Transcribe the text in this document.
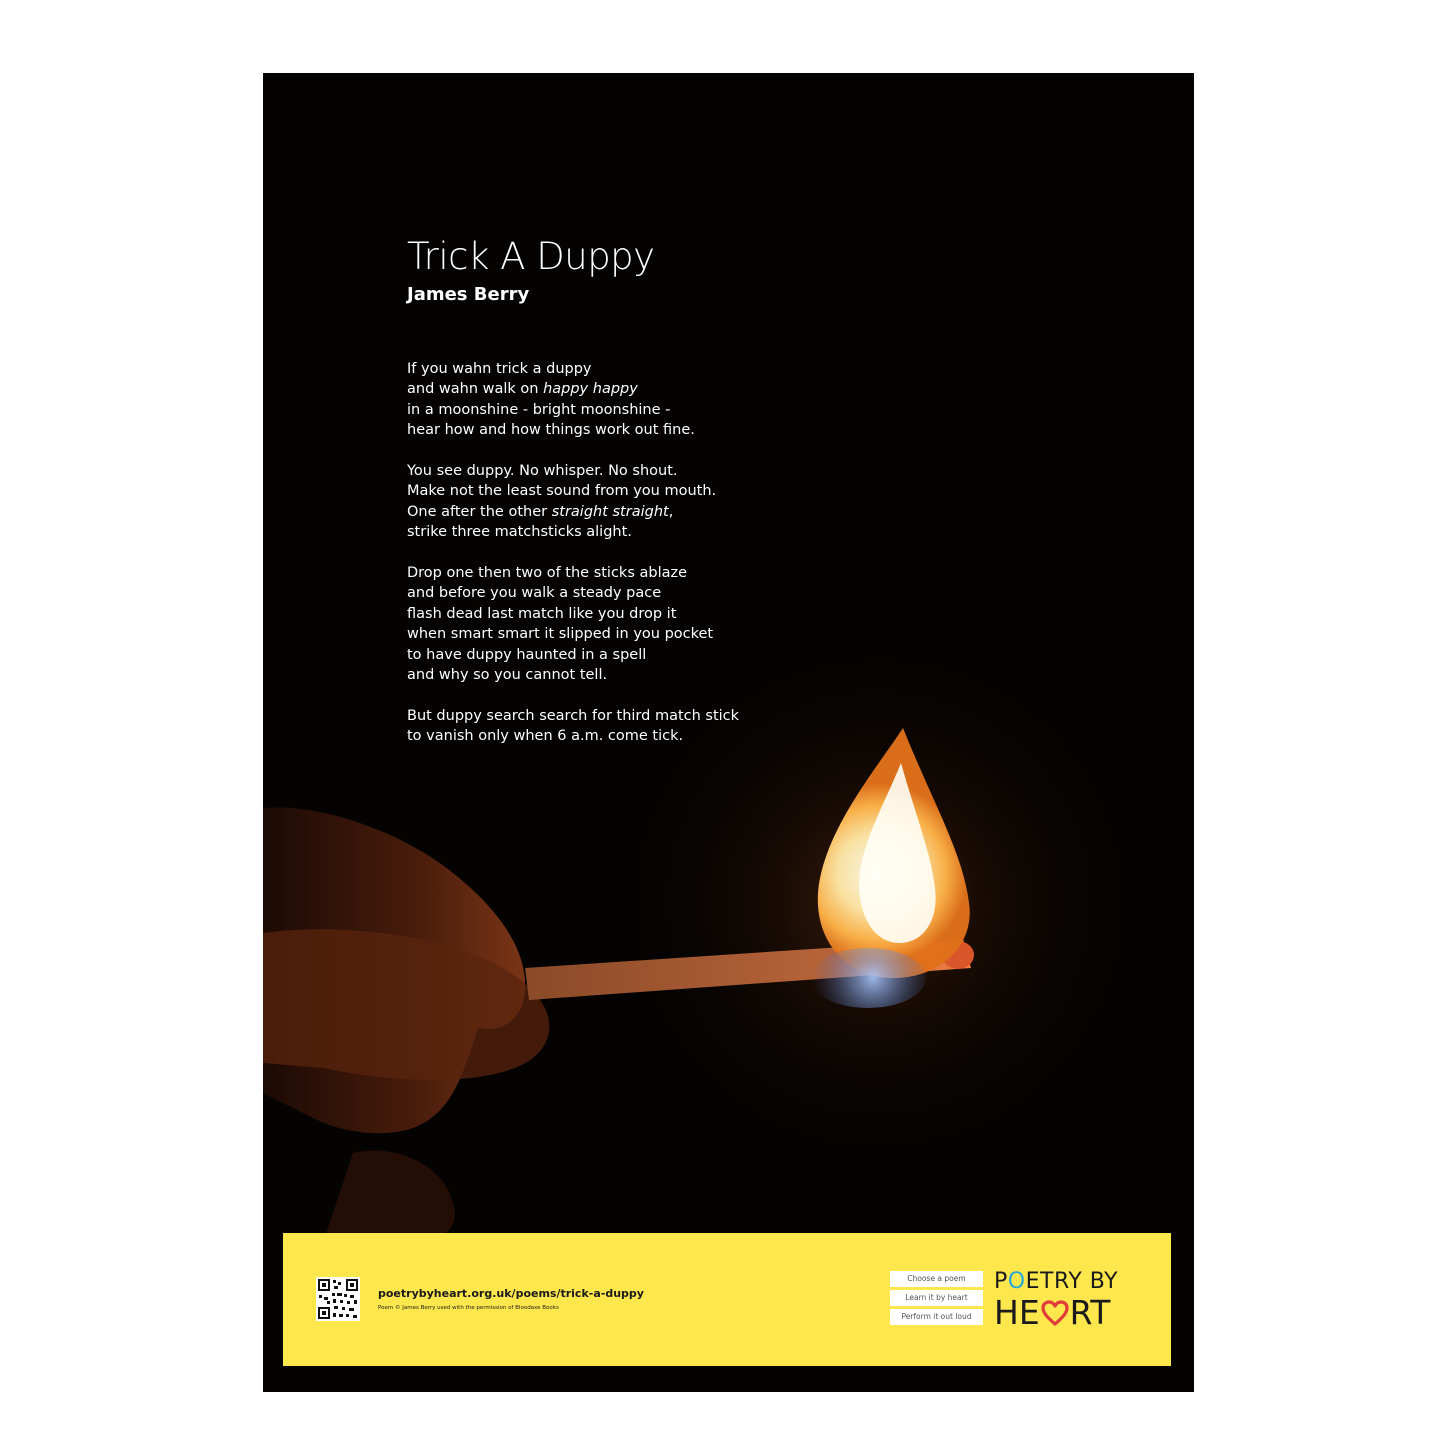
Trick A Duppy
James Berry
If you wahn trick a duppy
and wahn walk on happy happy
in a moonshine - bright moonshine -
hear how and how things work out fine.
You see duppy. No whisper. No shout.
Make not the least sound from you mouth.
One after the other straight straight,
strike three matchsticks alight.
Drop one then two of the sticks ablaze
and before you walk a steady pace
flash dead last match like you drop it
when smart smart it slipped in you pocket
to have duppy haunted in a spell
and why so you cannot tell.
But duppy search search for third match stick
to vanish only when 6 a.m. come tick.
poetrybyheart.org.uk/poems/trick-a-duppy
Poem © James Berry used with the permission of Bloodaxe Books
Choose a poem
Learn it by heart
Perform it out loud
POETRY BY
HE RT
